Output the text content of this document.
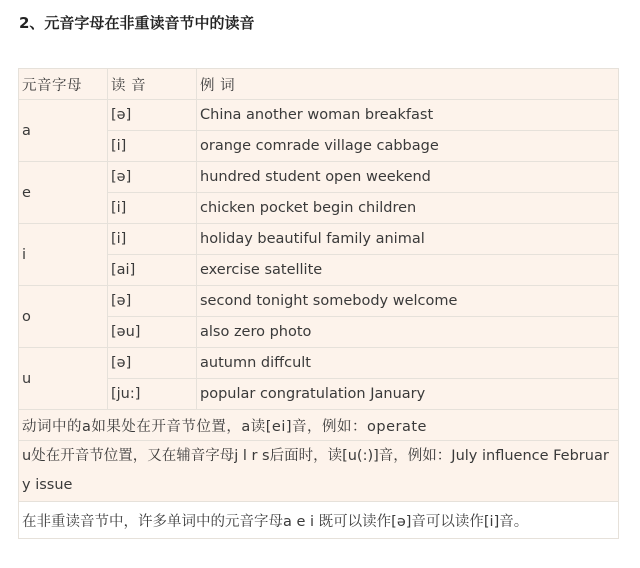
2、元音字母在非重读音节中的读音
元音字母	读 音	例 词
a	[ə]	China another woman breakfast
	[i]	orange comrade village cabbage
e	[ə]	hundred student open weekend
	[i]	chicken pocket begin children
i	[i]	holiday beautiful family animal
	[ai]	exercise satellite
o	[ə]	second tonight somebody welcome
	[əu]	also zero photo
u	[ə]	autumn diffcult
	[ju:]	popular congratulation January
动词中的a如果处在开音节位置，a读[ei]音，例如：operate		
u处在开音节位置，又在辅音字母j l r s后面时，读[u(:)]音，例如：July influence February issue		
在非重读音节中，许多单词中的元音字母a e i 既可以读作[ə]音可以读作[i]音。		
